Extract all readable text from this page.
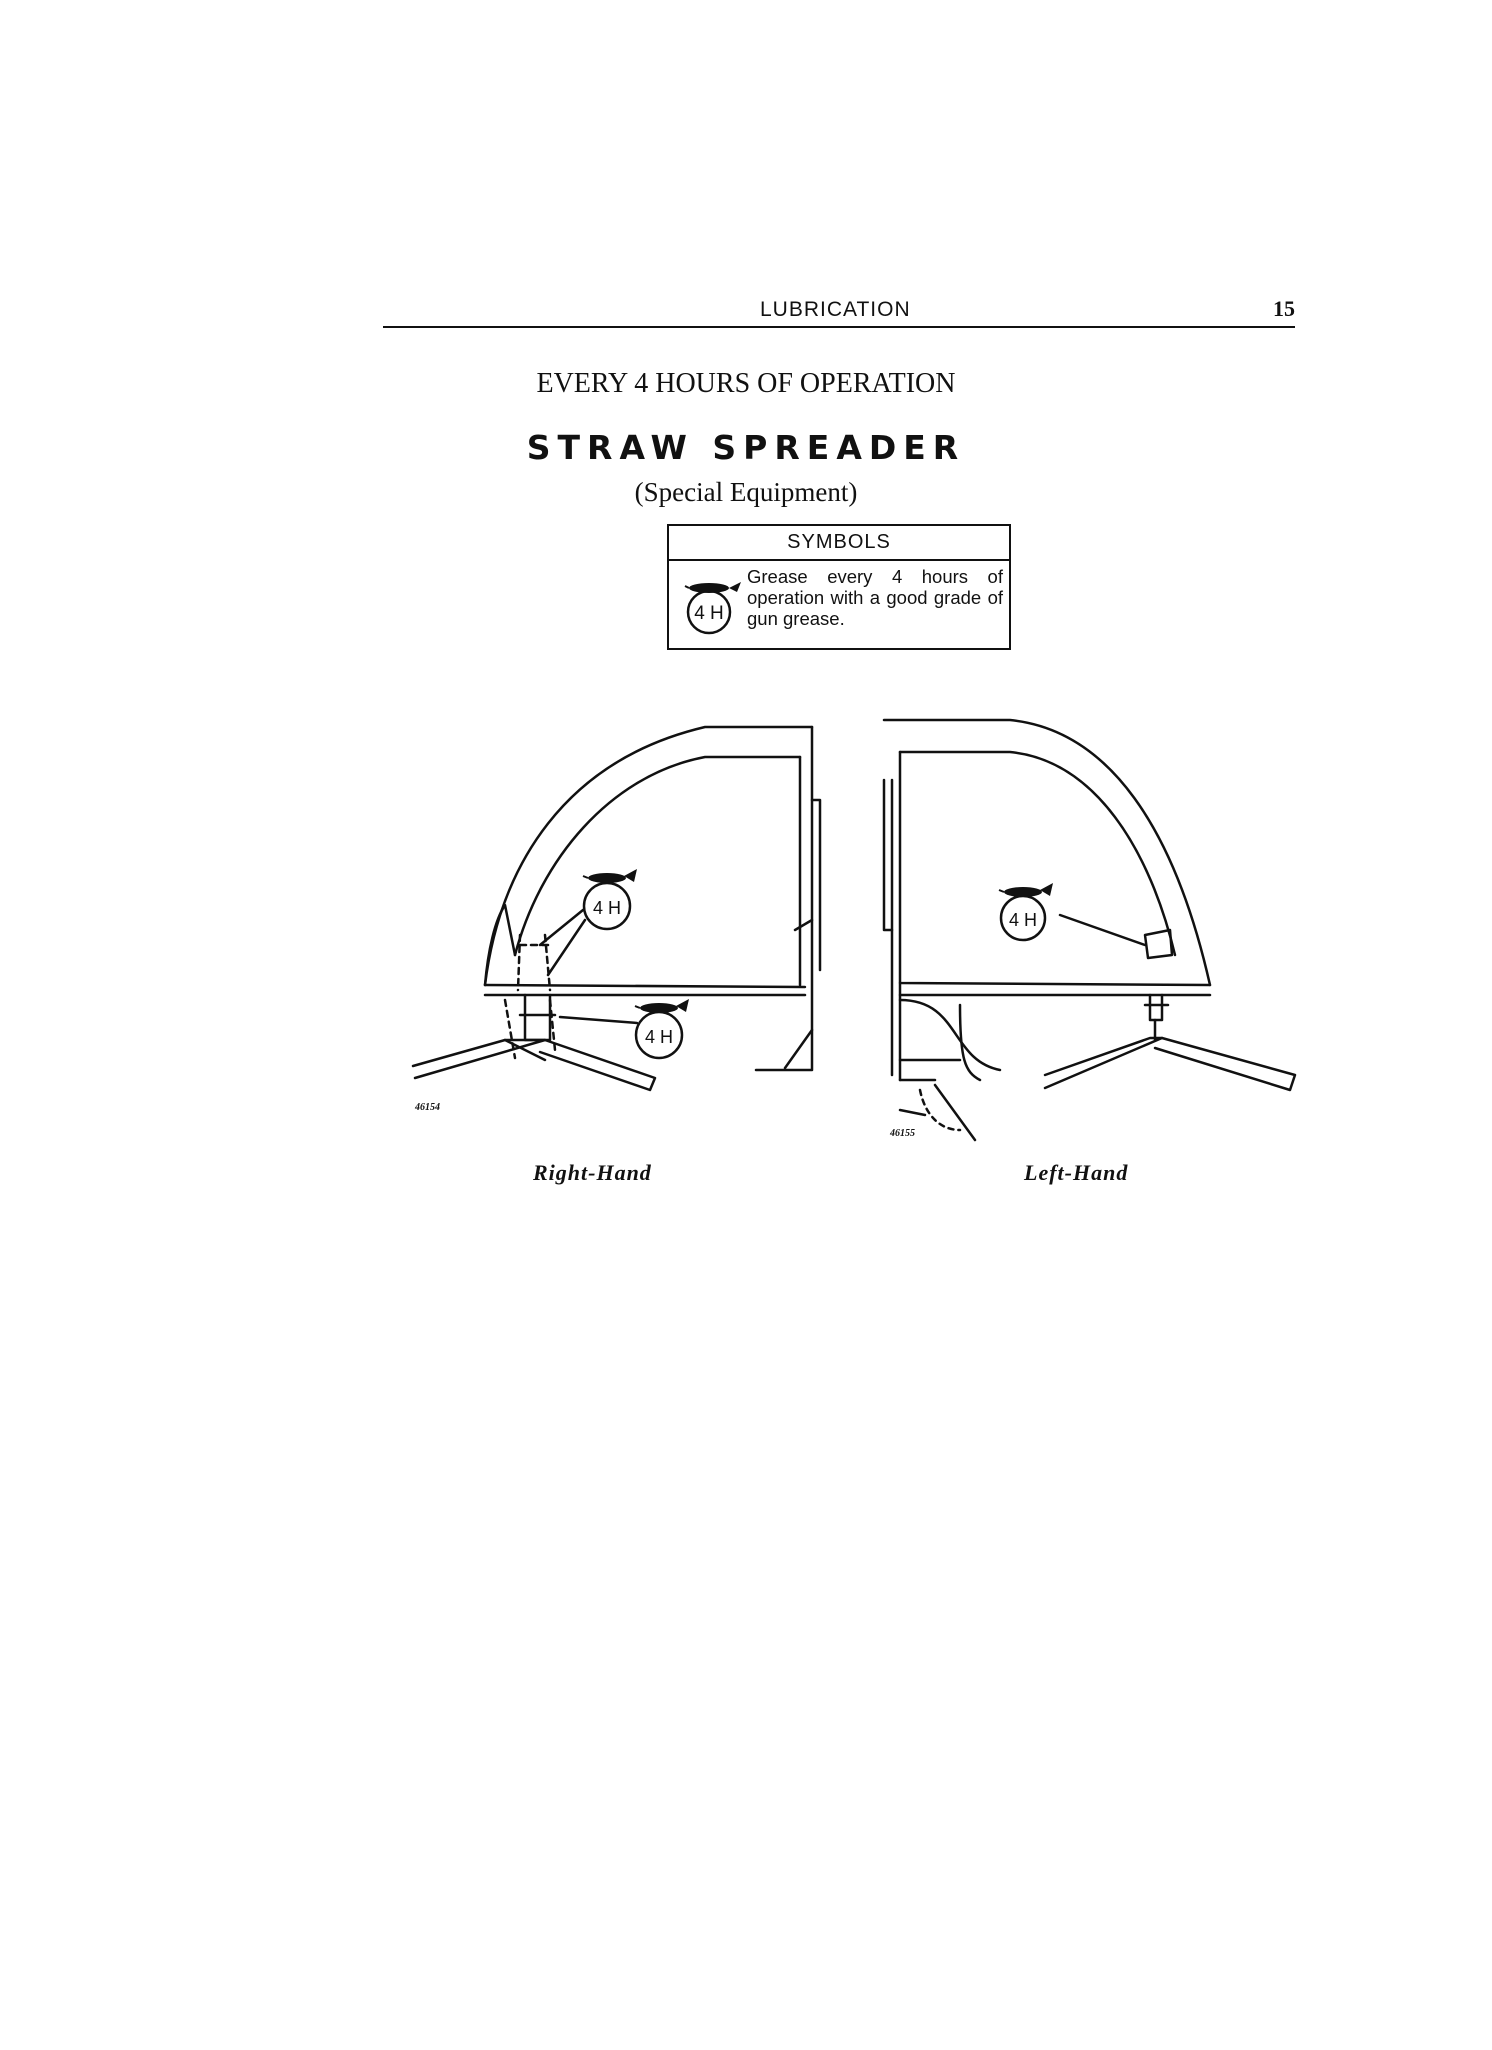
LUBRICATION	15
EVERY 4 HOURS OF OPERATION
STRAW SPREADER
(Special Equipment)
SYMBOLS
4 H
Grease every 4 hours of operation with a good grade of gun grease.
4 H
4 H
4 H
46154
46155
Right-Hand	Left-Hand
